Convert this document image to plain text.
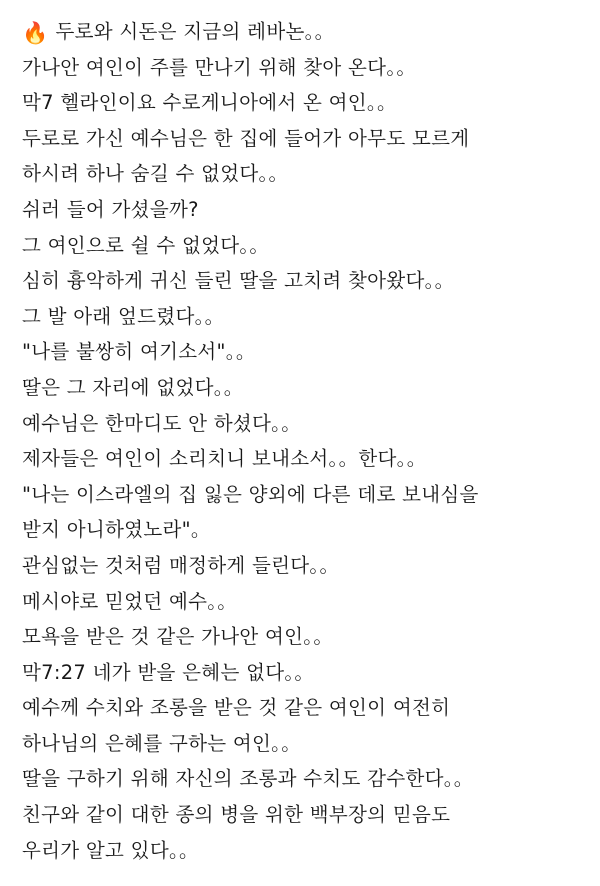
🔥 두로와 시돈은 지금의 레바논。。
가나안 여인이 주를 만나기 위해 찾아 온다。。
막7 헬라인이요 수로게니아에서 온 여인。。
두로로 가신 예수님은 한 집에 들어가 아무도 모르게
하시려 하나 숨길 수 없었다。。
쉬러 들어 가셨을까?
그 여인으로 쉴 수 없었다。。
심히 흉악하게 귀신 들린 딸을 고치려 찾아왔다。。
그 발 아래 엎드렸다。。
"나를 불쌍히 여기소서"。。
딸은 그 자리에 없었다。。
예수님은 한마디도 안 하셨다。。
제자들은 여인이 소리치니 보내소서。。한다。。
"나는 이스라엘의 집 잃은 양외에 다른 데로 보내심을
받지 아니하였노라"。
관심없는 것처럼 매정하게 들린다。。
메시야로 믿었던 예수。。
모욕을 받은 것 같은 가나안 여인。。
막7:27 네가 받을 은혜는 없다。。
예수께 수치와 조롱을 받은 것 같은 여인이 여전히
하나님의 은혜를 구하는 여인。。
딸을 구하기 위해 자신의 조롱과 수치도 감수한다。。
친구와 같이 대한 종의 병을 위한 백부장의 믿음도
우리가 알고 있다。。
